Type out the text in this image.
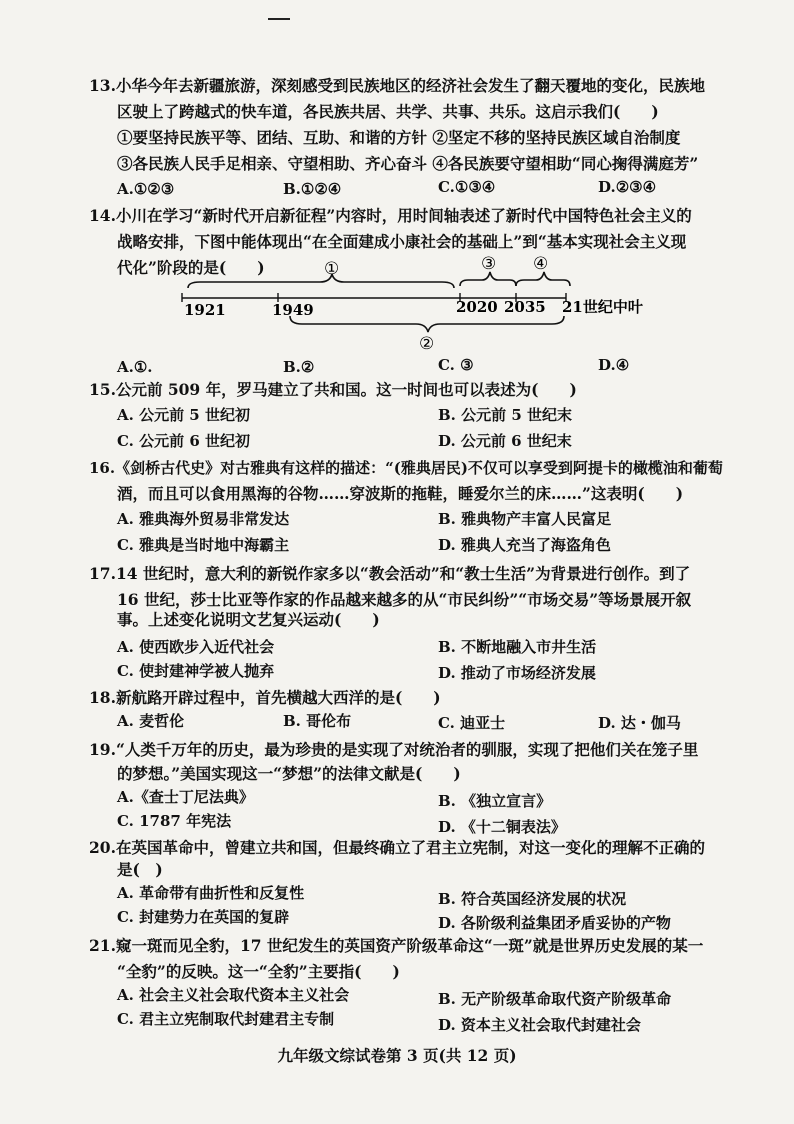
13.小华今年去新疆旅游，深刻感受到民族地区的经济社会发生了翻天覆地的变化，民族地
区驶上了跨越式的快车道，各民族共居、共学、共事、共乐。这启示我们(　　)
①要坚持民族平等、团结、互助、和谐的方针 ②坚定不移的坚持民族区域自治制度
③各民族人民手足相亲、守望相助、齐心奋斗 ④各民族要守望相助“同心掬得满庭芳”
A.①②③	B.①②④	C.①③④	D.②③④
14.小川在学习“新时代开启新征程”内容时，用时间轴表述了新时代中国特色社会主义的
战略安排，下图中能体现出“在全面建成小康社会的基础上”到“基本实现社会主义现
代化”阶段的是(　　)	①	③ ④
1921	1949	2020 2035 21世纪中叶
②
A.①.	B.②	C. ③	D.④
15.公元前 509 年，罗马建立了共和国。这一时间也可以表述为(　　)
A. 公元前 5 世纪初	B. 公元前 5 世纪末
C. 公元前 6 世纪初	D. 公元前 6 世纪末
16.《剑桥古代史》对古雅典有这样的描述：“(雅典居民)不仅可以享受到阿提卡的橄榄油和葡萄
酒，而且可以食用黑海的谷物……穿波斯的拖鞋，睡爱尔兰的床……”这表明(　　)
A. 雅典海外贸易非常发达	B. 雅典物产丰富人民富足
C. 雅典是当时地中海霸主	D. 雅典人充当了海盗角色
17.14 世纪时，意大利的新锐作家多以“教会活动”和“教士生活”为背景进行创作。到了
16 世纪，莎士比亚等作家的作品越来越多的从“市民纠纷”“市场交易”等场景展开叙
事。上述变化说明文艺复兴运动(　　)
A. 使西欧步入近代社会	B. 不断地融入市井生活
C. 使封建神学被人抛弃	D. 推动了市场经济发展
18.新航路开辟过程中，首先横越大西洋的是(　　)
A. 麦哲伦	B. 哥伦布	C. 迪亚士	D. 达・伽马
19.“人类千万年的历史，最为珍贵的是实现了对统治者的驯服，实现了把他们关在笼子里
的梦想。”美国实现这一“梦想”的法律文献是(　　)
A.《查士丁尼法典》	B. 《独立宣言》
C. 1787 年宪法	D. 《十二铜表法》
20.在英国革命中，曾建立共和国，但最终确立了君主立宪制，对这一变化的理解不正确的
是(　)
A. 革命带有曲折性和反复性	B. 符合英国经济发展的状况
C. 封建势力在英国的复辟	D. 各阶级利益集团矛盾妥协的产物
21.窥一斑而见全豹，17 世纪发生的英国资产阶级革命这“一斑”就是世界历史发展的某一
“全豹”的反映。这一“全豹”主要指(　　)
A. 社会主义社会取代资本主义社会	B. 无产阶级革命取代资产阶级革命
C. 君主立宪制取代封建君主专制	D. 资本主义社会取代封建社会
九年级文综试卷第 3 页(共 12 页)
